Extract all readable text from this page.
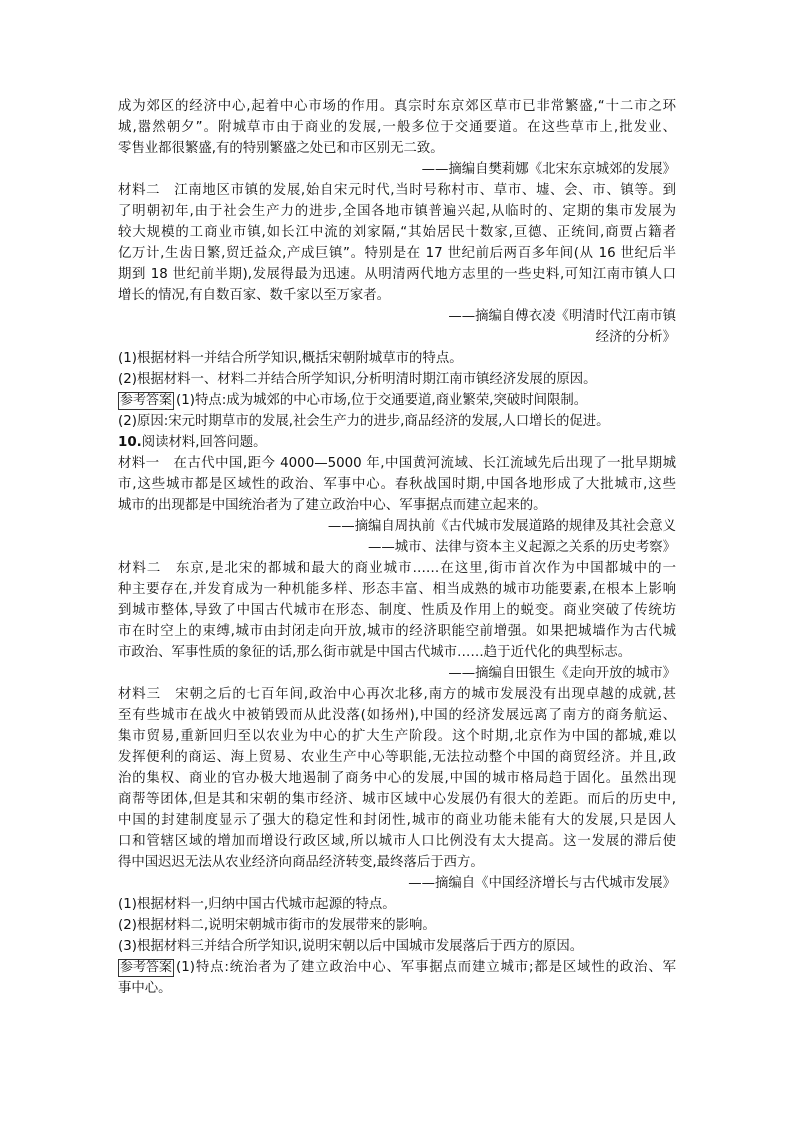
成为郊区的经济中心,起着中心市场的作用。真宗时东京郊区草市已非常繁盛,“十二市之环
城,嚣然朝夕”。附城草市由于商业的发展,一般多位于交通要道。在这些草市上,批发业、
零售业都很繁盛,有的特别繁盛之处已和市区别无二致。
——摘编自樊莉娜《北宋东京城郊的发展》
材料二　江南地区市镇的发展,始自宋元时代,当时号称村市、草市、墟、会、市、镇等。到
了明朝初年,由于社会生产力的进步,全国各地市镇普遍兴起,从临时的、定期的集市发展为
较大规模的工商业市镇,如长江中流的刘家隔,“其始居民十数家,亘德、正统间,商贾占籍者
亿万计,生齿日繁,贸迁益众,产成巨镇”。特别是在 17 世纪前后两百多年间(从 16 世纪后半
期到 18 世纪前半期),发展得最为迅速。从明清两代地方志里的一些史料,可知江南市镇人口
增长的情况,有自数百家、数千家以至万家者。
——摘编自傅衣凌《明清时代江南市镇
经济的分析》
(1)根据材料一并结合所学知识,概括宋朝附城草市的特点。
(2)根据材料一、材料二并结合所学知识,分析明清时期江南市镇经济发展的原因。
参考答案 (1)特点:成为城郊的中心市场,位于交通要道,商业繁荣,突破时间限制。
(2)原因:宋元时期草市的发展,社会生产力的进步,商品经济的发展,人口增长的促进。
10.阅读材料,回答问题。
材料一　在古代中国,距今 4000—5000 年,中国黄河流域、长江流域先后出现了一批早期城
市,这些城市都是区域性的政治、军事中心。春秋战国时期,中国各地形成了大批城市,这些
城市的出现都是中国统治者为了建立政治中心、军事据点而建立起来的。
——摘编自周执前《古代城市发展道路的规律及其社会意义
——城市、法律与资本主义起源之关系的历史考察》
材料二　东京,是北宋的都城和最大的商业城市……在这里,街市首次作为中国都城中的一
种主要存在,并发育成为一种机能多样、形态丰富、相当成熟的城市功能要素,在根本上影响
到城市整体,导致了中国古代城市在形态、制度、性质及作用上的蜕变。商业突破了传统坊
市在时空上的束缚,城市由封闭走向开放,城市的经济职能空前增强。如果把城墙作为古代城
市政治、军事性质的象征的话,那么街市就是中国古代城市……趋于近代化的典型标志。
——摘编自田银生《走向开放的城市》
材料三　宋朝之后的七百年间,政治中心再次北移,南方的城市发展没有出现卓越的成就,甚
至有些城市在战火中被销毁而从此没落(如扬州),中国的经济发展远离了南方的商务航运、
集市贸易,重新回归至以农业为中心的扩大生产阶段。这个时期,北京作为中国的都城,难以
发挥便利的商运、海上贸易、农业生产中心等职能,无法拉动整个中国的商贸经济。并且,政
治的集权、商业的官办极大地遏制了商务中心的发展,中国的城市格局趋于固化。虽然出现
商帮等团体,但是其和宋朝的集市经济、城市区域中心发展仍有很大的差距。而后的历史中,
中国的封建制度显示了强大的稳定性和封闭性,城市的商业功能未能有大的发展,只是因人
口和管辖区域的增加而增设行政区域,所以城市人口比例没有太大提高。这一发展的滞后使
得中国迟迟无法从农业经济向商品经济转变,最终落后于西方。
——摘编自《中国经济增长与古代城市发展》
(1)根据材料一,归纳中国古代城市起源的特点。
(2)根据材料二,说明宋朝城市街市的发展带来的影响。
(3)根据材料三并结合所学知识,说明宋朝以后中国城市发展落后于西方的原因。
参考答案 (1)特点:统治者为了建立政治中心、军事据点而建立城市;都是区域性的政治、军
事中心。
